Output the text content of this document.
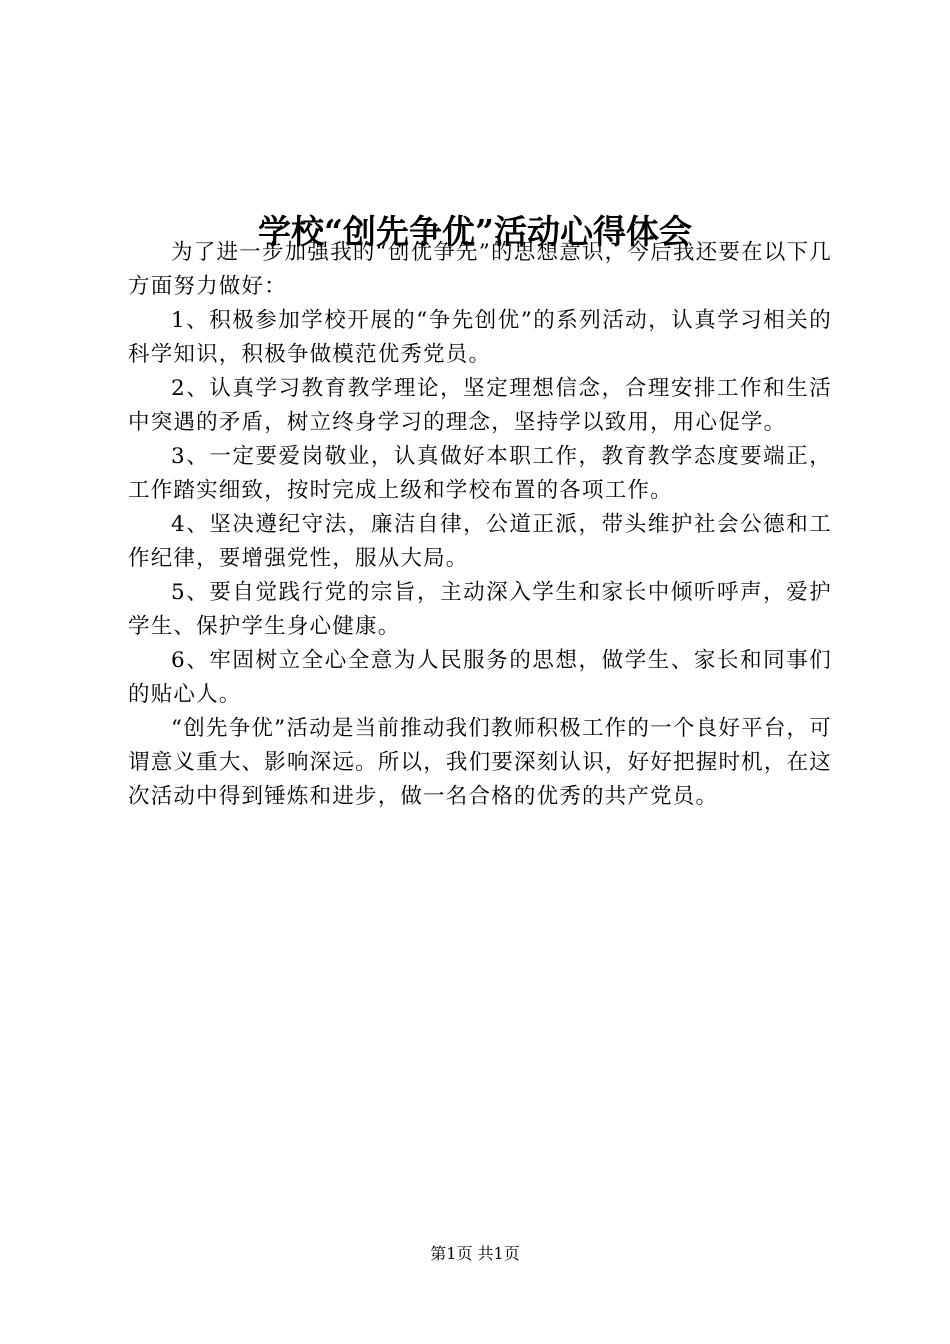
学校“创先争优”活动心得体会

为了进一步加强我的“创优争先”的思想意识，今后我还要在以下几方面努力做好：

1、积极参加学校开展的“争先创优”的系列活动，认真学习相关的科学知识，积极争做模范优秀党员。

2、认真学习教育教学理论，坚定理想信念，合理安排工作和生活中突遇的矛盾，树立终身学习的理念，坚持学以致用，用心促学。

3、一定要爱岗敬业，认真做好本职工作，教育教学态度要端正，工作踏实细致，按时完成上级和学校布置的各项工作。

4、坚决遵纪守法，廉洁自律，公道正派，带头维护社会公德和工作纪律，要增强党性，服从大局。

5、要自觉践行党的宗旨，主动深入学生和家长中倾听呼声，爱护学生、保护学生身心健康。

6、牢固树立全心全意为人民服务的思想，做学生、家长和同事们的贴心人。

“创先争优”活动是当前推动我们教师积极工作的一个良好平台，可谓意义重大、影响深远。所以，我们要深刻认识，好好把握时机，在这次活动中得到锤炼和进步，做一名合格的优秀的共产党员。

第1页 共1页
